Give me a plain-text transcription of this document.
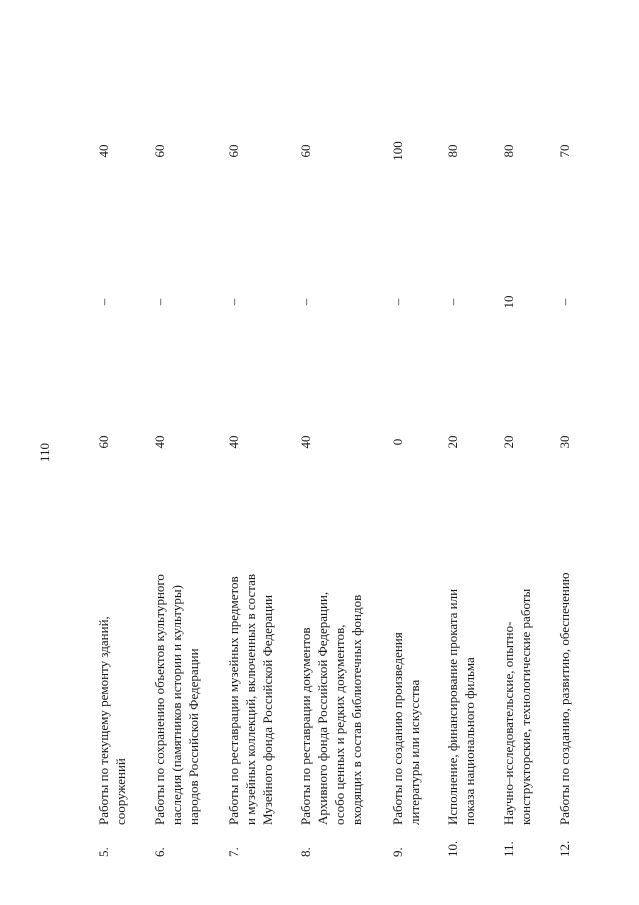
110
5.
Работы по текущему ремонту зданий, сооружений
60
–
40
6.
Работы по сохранению объектов культурного наследия (памятников истории и культуры) народов Российской Федерации
40
–
60
7.
Работы по реставрации музейных предметов и музейных коллекций, включенных в состав Музейного фонда Российской Федерации
40
–
60
8.
Работы по реставрации документов Архивного фонда Российской Федерации, особо ценных и редких документов, входящих в состав библиотечных фондов
40
–
60
9.
Работы по созданию произведения литературы или искусства
0
–
100
10.
Исполнение, финансирование проката или показа национального фильма
20
–
80
11.
Научно–исследовательские, опытно- конструкторские, технологические работы
20
10
80
12.
Работы по созданию, развитию, обеспечению
30
–
70
